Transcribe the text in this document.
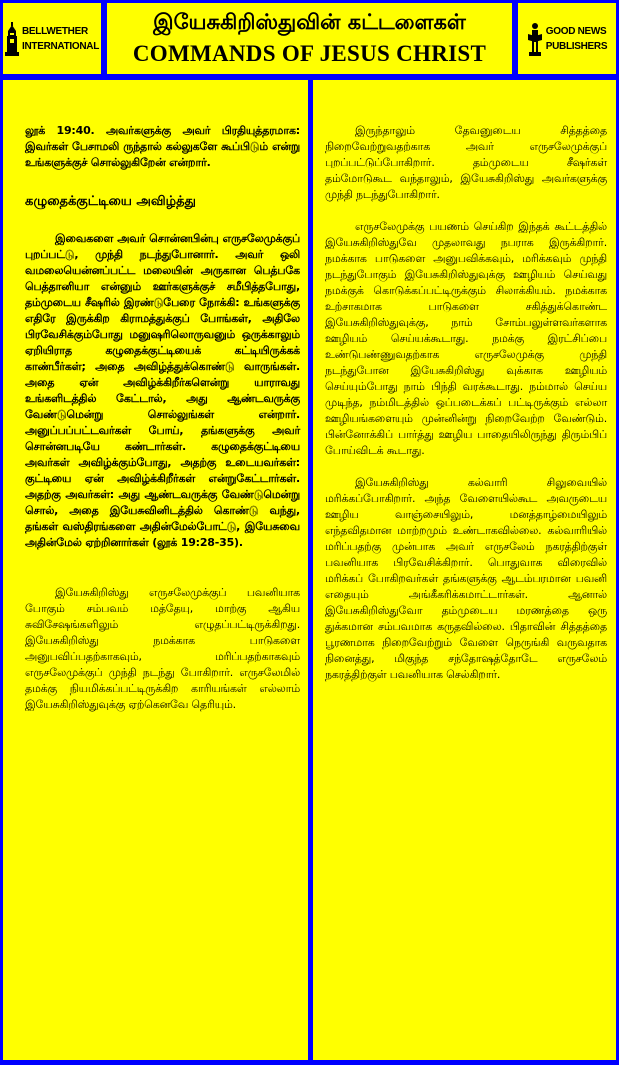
BELLWETHER
INTERNATIONAL
இயேசுகிறிஸ்துவின் கட்டளைகள்
COMMANDS OF JESUS CHRIST
GOOD NEWS
PUBLISHERS

லூக் 19:40. அவர்களுக்கு அவர் பிரதியுத்தரமாக: இவர்கள் பேசாமலி ருந்தால் கல்லுகளே கூப்பிடும் என்று உங்களுக்குச் சொல்லுகிறேன் என்றார்.

கழுதைக்குட்டியை அவிழ்த்து

இவைகளை அவர் சொன்னபின்பு எருசலேமுக்குப் புறப்பட்டு, முந்தி நடந்துபோனார். அவர் ஒலி வமலையென்னப்பட்ட மலையின் அருகான பெத்பகே பெத்தானியா என்னும் ஊர்களுக்குச் சமீபித்தபோது, தம்முடைய சீஷரில் இரண்டுபேரை நோக்கி: உங்களுக்கு எதிரே இருக்கிற கிராமத்துக்குப் போங்கள், அதிலே பிரவேசிக்கும்போது மனுஷரிலொருவனும் ஒருக்காலும் ஏறியிராத கழுதைக்குட்டியைக் கட்டியிருக்கக் காண்பீர்கள்; அதை அவிழ்த்துக்கொண்டு வாருங்கள். அதை ஏன் அவிழ்க்கிறீர்களென்று யாராவது உங்களிடத்தில் கேட்டால், அது ஆண்டவருக்கு வேண்டுமென்று சொல்லுங்கள் என்றார். அனுப்பப்பட்டவர்கள் போய், தங்களுக்கு அவர் சொன்னபடியே கண்டார்கள். கழுதைக்குட்டியை அவர்கள் அவிழ்க்கும்போது, அதற்கு உடையவர்கள்: குட்டியை ஏன் அவிழ்க்கிறீர்கள் என்றுகேட்டார்கள். அதற்கு அவர்கள்: அது ஆண்டவருக்கு வேண்டுமென்று சொல், அதை இயேசுவினிடத்தில் கொண்டு வந்து, தங்கள் வஸ்திரங்களை அதின்மேல்போட்டு, இயேசுவை அதின்மேல் ஏற்றினார்கள் (லூக் 19:28-35).

இயேசுகிறிஸ்து எருசலேமுக்குப் பவனியாக போகும் சம்பவம் மத்தேயு, மாற்கு ஆகிய சுவிசேஷங்களிலும் எழுதப்பட்டிருக்கிறது. இயேசுகிறிஸ்து நமக்காக பாடுகளை அனுபவிப்பதற்காகவும், மரிப்பதற்காகவும் எருசலேமுக்குப் முந்தி நடந்து போகிறார். எருசலேமில் தமக்கு நியமிக்கப்பட்டிருக்கிற காரியங்கள் எல்லாம் இயேசுகிறிஸ்துவுக்கு ஏற்கெனவே தெரியும்.

இருந்தாலும் தேவனுடைய சித்தத்தை நிறைவேற்றுவதற்காக அவர் எருசலேமுக்குப் புறப்பட்டுப்போகிறார். தம்முடைய சீஷர்கள் தம்மோடுகூட வந்தாலும், இயேசுகிறிஸ்து அவர்களுக்கு முந்தி நடந்துபோகிறார்.

எருசலேமுக்கு பயணம் செய்கிற இந்தக் கூட்டத்தில் இயேசுகிறிஸ்துவே முதலாவது நபராக இருக்கிறார். நமக்காக பாடுகளை அனுபவிக்கவும், மரிக்கவும் முந்தி நடந்துபோகும் இயேசுகிறிஸ்துவுக்கு ஊழியம் செய்வது நமக்குக் கொடுக்கப்பட்டிருக்கும் சிலாக்கியம். நமக்காக உற்சாகமாக பாடுகளை சகித்துக்கொண்ட இயேசுகிறிஸ்துவுக்கு, நாம் சோம்பலுள்ளவர்களாக ஊழியம் செய்யக்கூடாது. நமக்கு இரட்சிப்பை உண்டுபண்ணுவதற்காக எருசலேமுக்கு முந்தி நடந்துபோன இயேசுகிறிஸ்து வுக்காக ஊழியம் செய்யும்போது நாம் பிந்தி வரக்கூடாது. நம்மால் செய்ய முடிந்த, நம்மிடத்தில் ஒப்படைக்கப் பட்டிருக்கும் எல்லா ஊழியங்களையும் முன்னின்று நிறைவேற்ற வேண்டும். பின்னோக்கிப் பார்த்து ஊழிய பாதையிலிருந்து திரும்பிப் போய்விடக் கூடாது.

இயேசுகிறிஸ்து கல்வாரி சிலுவையில் மரிக்கப்போகிறார். அந்த வேளையில்கூட அவருடைய ஊழிய வாஞ்சையிலும், மனத்தாழ்மையிலும் எந்தவிதமான மாற்றமும் உண்டாகவில்லை. கல்வாரியில் மரிப்பதற்கு முன்பாக அவர் எருசலேம் நகரத்திற்குள் பவனியாக பிரவேசிக்கிறார். பொதுவாக விரைவில் மரிக்கப் போகிறவர்கள் தங்களுக்கு ஆடம்பரமான பவனி எதையும் அங்கீகரிக்கமாட்டார்கள். ஆனால் இயேசுகிறிஸ்துவோ தம்முடைய மரணத்தை ஒரு துக்கமான சம்பவமாக கருதவில்லை. பிதாவின் சித்தத்தை பூரணமாக நிறைவேற்றும் வேளை நெருங்கி வருவதாக நினைத்து, மிகுந்த சந்தோஷத்தோடே எருசலேம் நகரத்திற்குள் பவனியாக செல்கிறார்.
